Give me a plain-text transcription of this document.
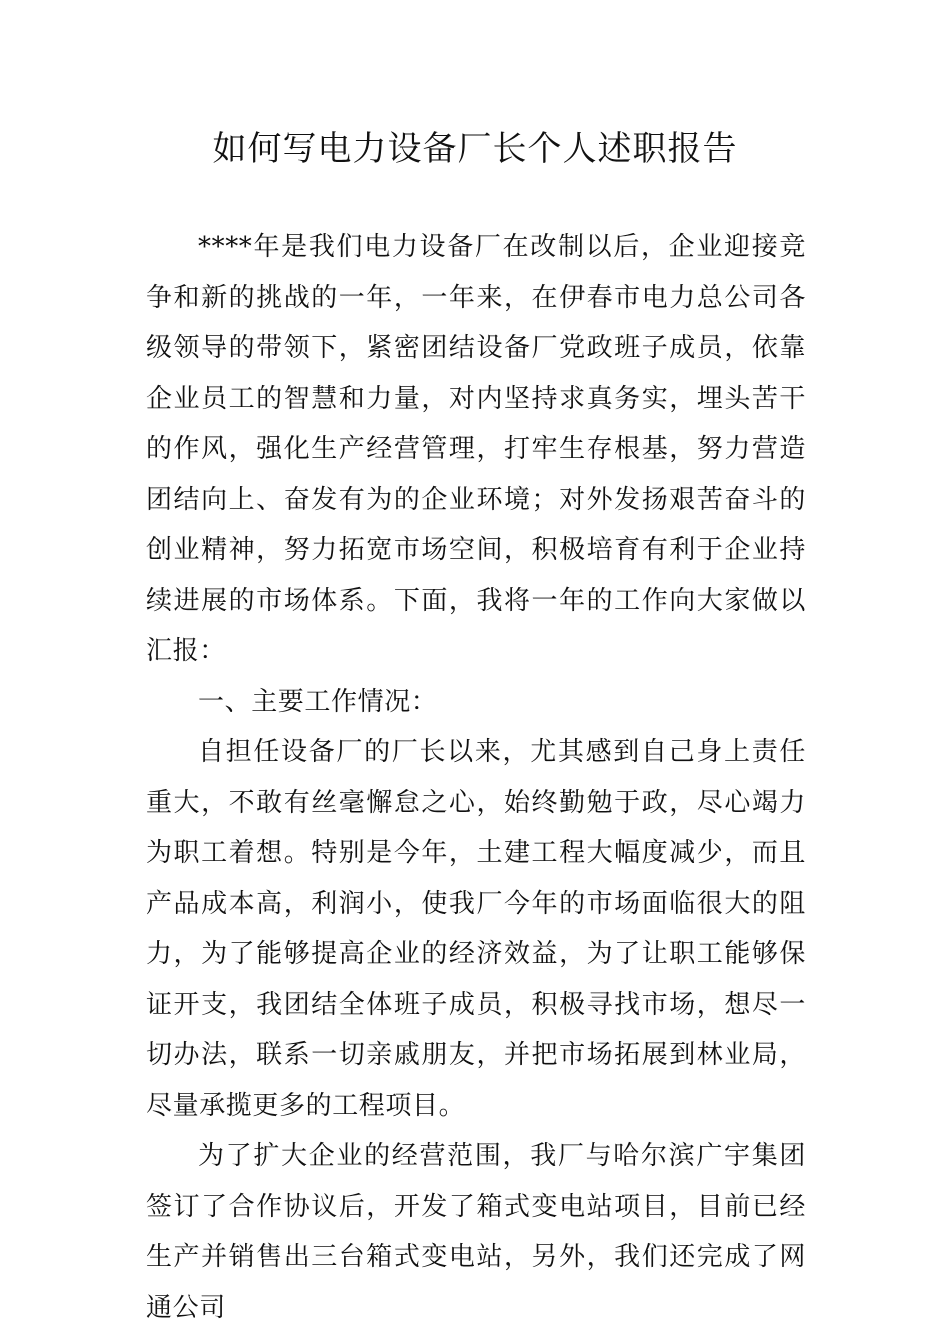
如何写电力设备厂长个人述职报告

****年是我们电力设备厂在改制以后，企业迎接竞争和新的挑战的一年，一年来，在伊春市电力总公司各级领导的带领下，紧密团结设备厂党政班子成员，依靠企业员工的智慧和力量，对内坚持求真务实，埋头苦干的作风，强化生产经营管理，打牢生存根基，努力营造团结向上、奋发有为的企业环境；对外发扬艰苦奋斗的创业精神，努力拓宽市场空间，积极培育有利于企业持续进展的市场体系。下面，我将一年的工作向大家做以汇报：

一、主要工作情况：

自担任设备厂的厂长以来，尤其感到自己身上责任重大，不敢有丝毫懈怠之心，始终勤勉于政，尽心竭力为职工着想。特别是今年，土建工程大幅度减少，而且产品成本高，利润小，使我厂今年的市场面临很大的阻力，为了能够提高企业的经济效益，为了让职工能够保证开支，我团结全体班子成员，积极寻找市场，想尽一切办法，联系一切亲戚朋友，并把市场拓展到林业局，尽量承揽更多的工程项目。

为了扩大企业的经营范围，我厂与哈尔滨广宇集团签订了合作协议后，开发了箱式变电站项目，目前已经生产并销售出三台箱式变电站，另外，我们还完成了网通公司
